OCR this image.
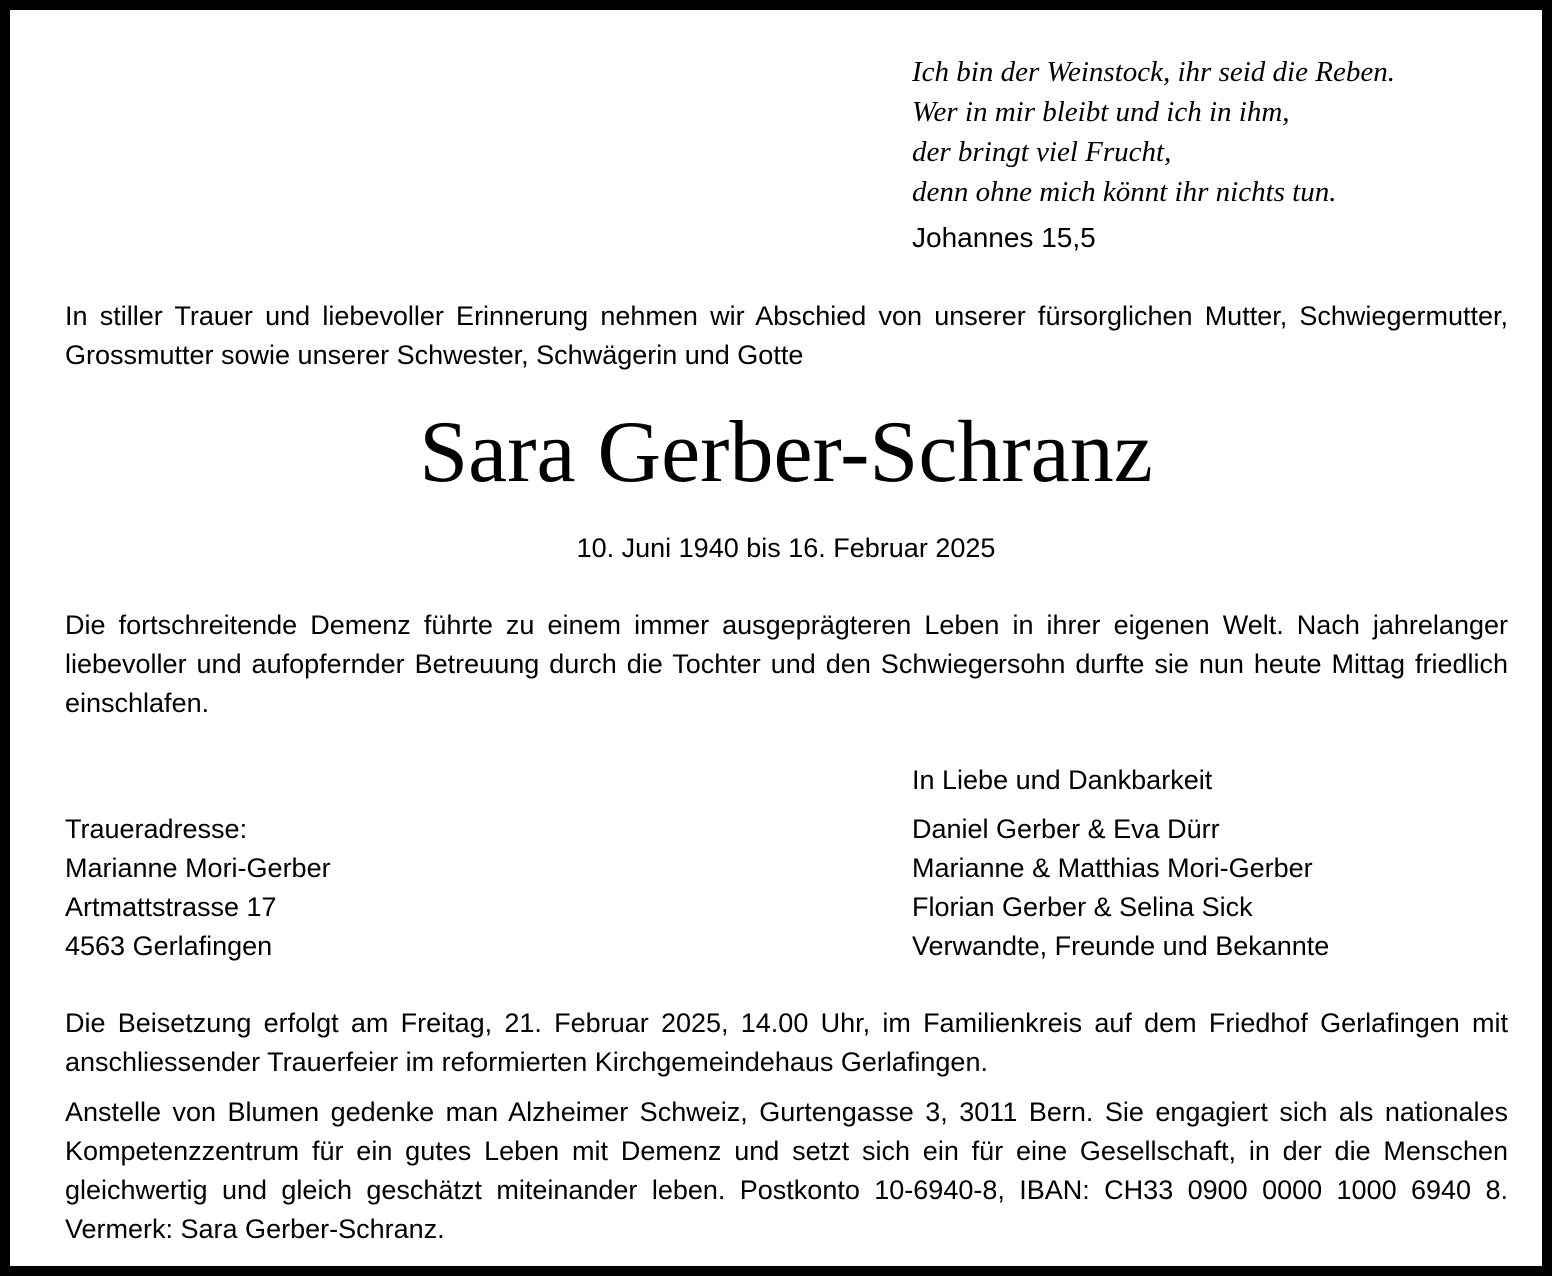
Ich bin der Weinstock, ihr seid die Reben.
Wer in mir bleibt und ich in ihm,
der bringt viel Frucht,
denn ohne mich könnt ihr nichts tun.
Johannes 15,5
In stiller Trauer und liebevoller Erinnerung nehmen wir Abschied von unserer fürsorglichen Mutter, Schwiegermutter, Grossmutter sowie unserer Schwester, Schwägerin und Gotte
Sara Gerber-Schranz
10. Juni 1940 bis 16. Februar 2025
Die fortschreitende Demenz führte zu einem immer ausgeprägteren Leben in ihrer eigenen Welt. Nach jahrelanger liebevoller und aufopfernder Betreuung durch die Tochter und den Schwiegersohn durfte sie nun heute Mittag friedlich einschlafen.
In Liebe und Dankbarkeit
Traueradresse:
Marianne Mori-Gerber
Artmattstrasse 17
4563 Gerlafingen
Daniel Gerber & Eva Dürr
Marianne & Matthias Mori-Gerber
Florian Gerber & Selina Sick
Verwandte, Freunde und Bekannte
Die Beisetzung erfolgt am Freitag, 21. Februar 2025, 14.00 Uhr, im Familienkreis auf dem Friedhof Gerlafingen mit anschliessender Trauerfeier im reformierten Kirchgemeindehaus Gerlafingen.
Anstelle von Blumen gedenke man Alzheimer Schweiz, Gurtengasse 3, 3011 Bern. Sie engagiert sich als nationales Kompetenzzentrum für ein gutes Leben mit Demenz und setzt sich ein für eine Gesellschaft, in der die Menschen gleichwertig und gleich geschätzt miteinander leben. Postkonto 10-6940-8, IBAN: CH33 0900 0000 1000 6940 8. Vermerk: Sara Gerber-Schranz.
